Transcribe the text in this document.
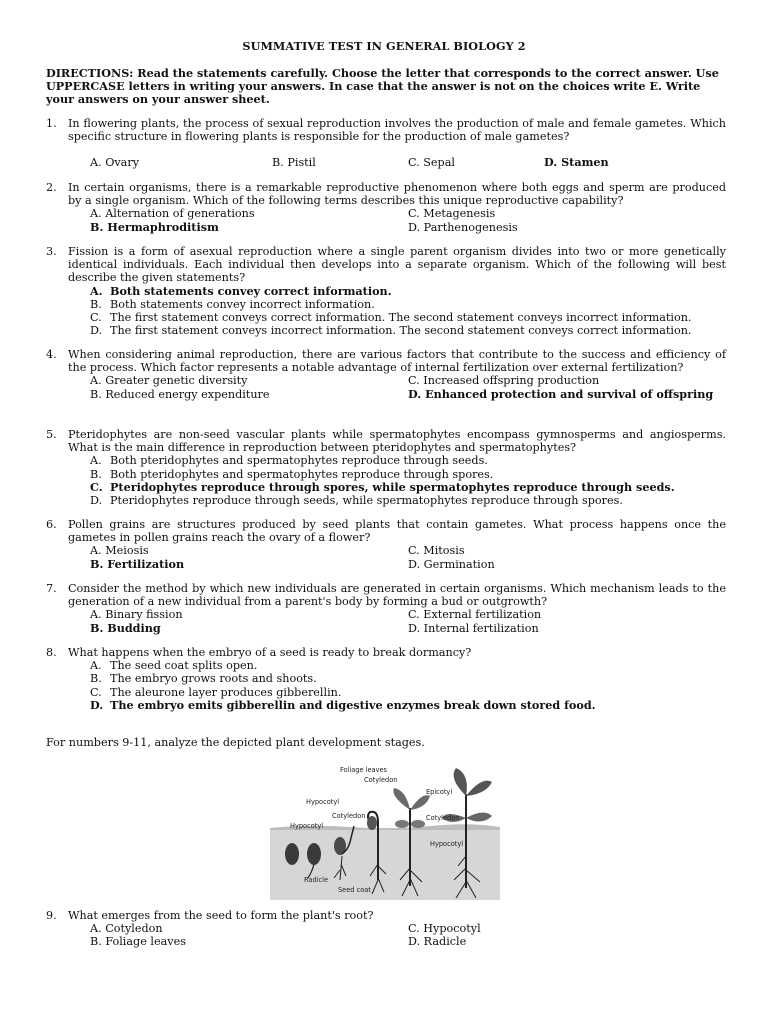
SUMMATIVE TEST IN GENERAL BIOLOGY 2
DIRECTIONS: Read the statements carefully. Choose the letter that corresponds to the correct answer. Use UPPERCASE letters in writing your answers. In case that the answer is not on the choices write E. Write your answers on your answer sheet.
1.	In flowering plants, the process of sexual reproduction involves the production of male and female gametes. Which specific structure in flowering plants is responsible for the production of male gametes?
A. Ovary	B. Pistil	C. Sepal	D. Stamen
2.	In certain organisms, there is a remarkable reproductive phenomenon where both eggs and sperm are produced by a single organism. Which of the following terms describes this unique reproductive capability?
A. Alternation of generations	C. Metagenesis
B. Hermaphroditism	D. Parthenogenesis
3.	Fission is a form of asexual reproduction where a single parent organism divides into two or more genetically identical individuals. Each individual then develops into a separate organism. Which of the following will best describe the given statements?
A. Both statements convey correct information.
B. Both statements convey incorrect information.
C. The first statement conveys correct information. The second statement conveys incorrect information.
D. The first statement conveys incorrect information. The second statement conveys correct information.
4.	When considering animal reproduction, there are various factors that contribute to the success and efficiency of the process. Which factor represents a notable advantage of internal fertilization over external fertilization?
A. Greater genetic diversity	C. Increased offspring production
B. Reduced energy expenditure	D. Enhanced protection and survival of offspring
5.	Pteridophytes are non-seed vascular plants while spermatophytes encompass gymnosperms and angiosperms. What is the main difference in reproduction between pteridophytes and spermatophytes?
A. Both pteridophytes and spermatophytes reproduce through seeds.
B. Both pteridophytes and spermatophytes reproduce through spores.
C. Pteridophytes reproduce through spores, while spermatophytes reproduce through seeds.
D. Pteridophytes reproduce through seeds, while spermatophytes reproduce through spores.
6.	Pollen grains are structures produced by seed plants that contain gametes. What process happens once the gametes in pollen grains reach the ovary of a flower?
A. Meiosis	C. Mitosis
B. Fertilization	D. Germination
7.	Consider the method by which new individuals are generated in certain organisms. Which mechanism leads to the generation of a new individual from a parent's body by forming a bud or outgrowth?
A. Binary fission	C. External fertilization
B. Budding	D. Internal fertilization
8.	What happens when the embryo of a seed is ready to break dormancy?
A. The seed coat splits open.
B. The embryo grows roots and shoots.
C. The aleurone layer produces gibberellin.
D. The embryo emits gibberellin and digestive enzymes break down stored food.
For numbers 9-11, analyze the depicted plant development stages.
Foliage leaves
Cotyledon
Epicotyl
Hypocotyl
Cotyledon
Hypocotyl
Cotyledon
Hypocotyl
Radicle
Seed coat
9.	What emerges from the seed to form the plant's root?
A. Cotyledon	C. Hypocotyl
B. Foliage leaves	D. Radicle
